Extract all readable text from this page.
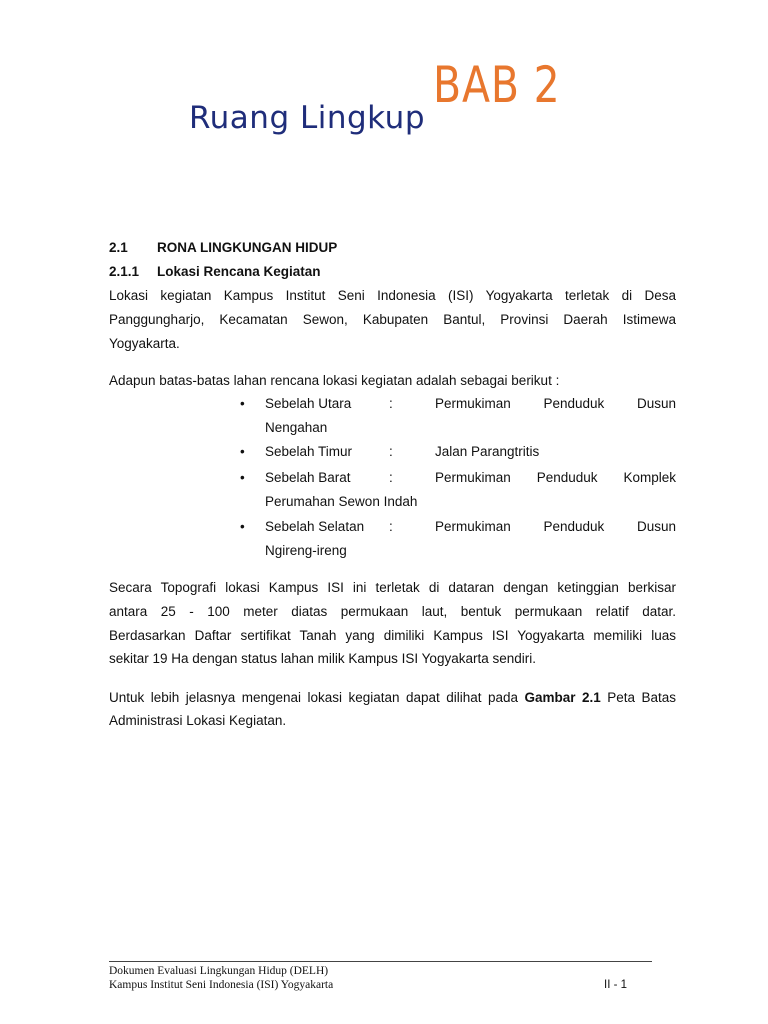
BAB 2
Ruang Lingkup
2.1 RONA LINGKUNGAN HIDUP
2.1.1 Lokasi Rencana Kegiatan
Lokasi kegiatan Kampus Institut Seni Indonesia (ISI) Yogyakarta terletak di Desa
Panggungharjo, Kecamatan Sewon, Kabupaten Bantul, Provinsi Daerah Istimewa
Yogyakarta.
Adapun batas-batas lahan rencana lokasi kegiatan adalah sebagai berikut :
• Sebelah Utara	:	Permukiman Penduduk Dusun
Nengahan
• Sebelah Timur	:	Jalan Parangtritis
• Sebelah Barat	:	Permukiman Penduduk Komplek
Perumahan Sewon Indah
• Sebelah Selatan :	Permukiman Penduduk Dusun
Ngireng-ireng
Secara Topografi lokasi Kampus ISI ini terletak di dataran dengan ketinggian berkisar
antara 25 - 100 meter diatas permukaan laut, bentuk permukaan relatif datar.
Berdasarkan Daftar sertifikat Tanah yang dimiliki Kampus ISI Yogyakarta memiliki luas
sekitar 19 Ha dengan status lahan milik Kampus ISI Yogyakarta sendiri.
Untuk lebih jelasnya mengenai lokasi kegiatan dapat dilihat pada Gambar 2.1 Peta Batas
Administrasi Lokasi Kegiatan.
Dokumen Evaluasi Lingkungan Hidup (DELH)
Kampus Institut Seni Indonesia (ISI) Yogyakarta	II - 1
